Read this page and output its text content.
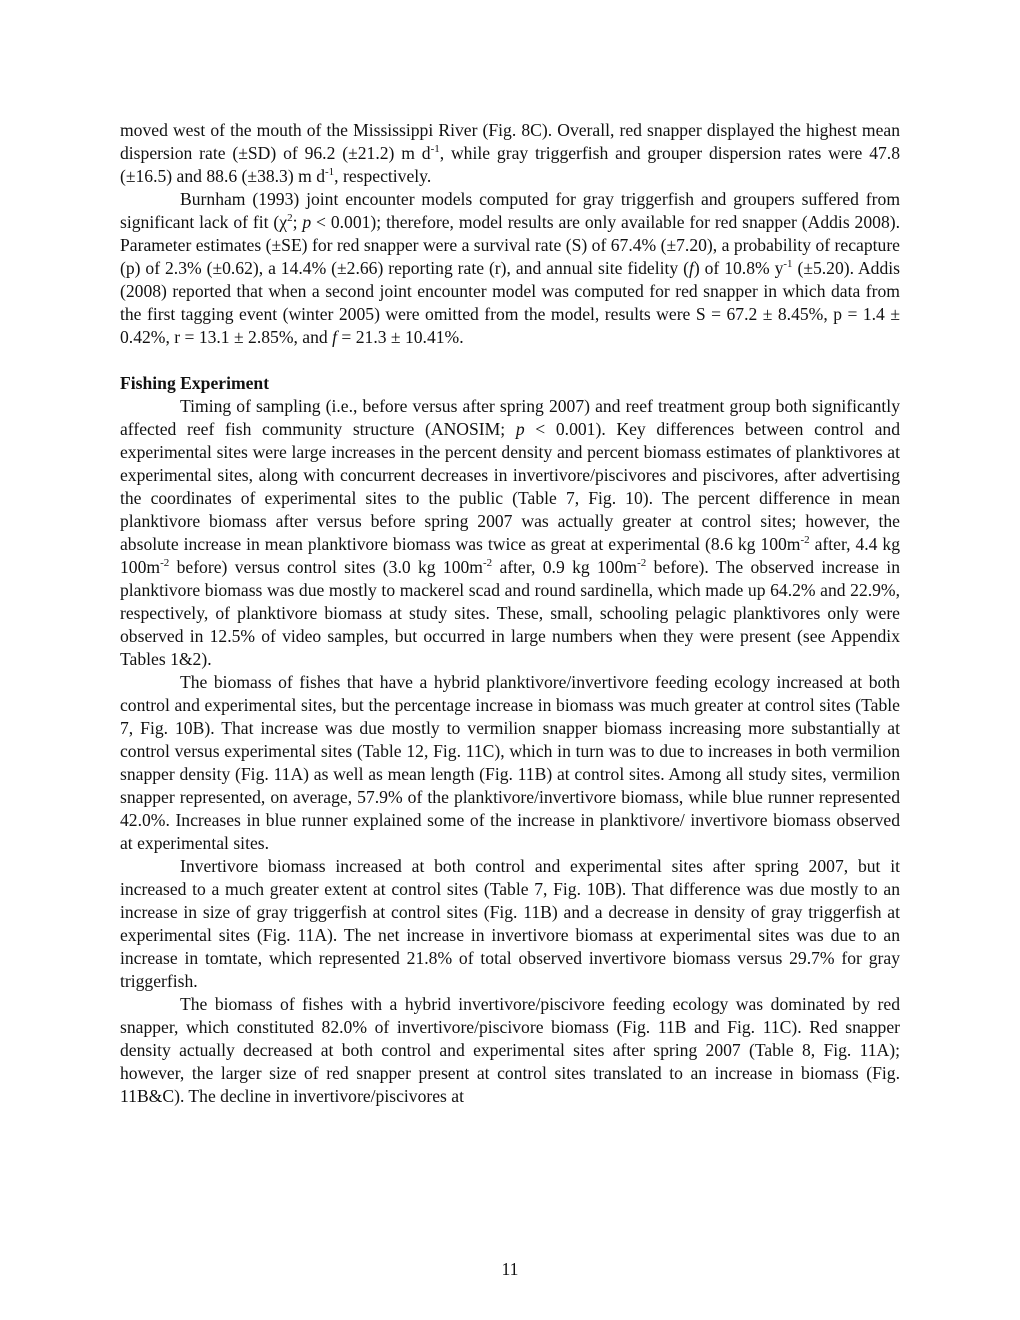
moved west of the mouth of the Mississippi River (Fig. 8C). Overall, red snapper displayed the highest mean dispersion rate (±SD) of 96.2 (±21.2) m $d^{-1}$, while gray triggerfish and grouper dispersion rates were 47.8 (±16.5) and 88.6 (±38.3) m $d^{-1}$, respectively.

Burnham (1993) joint encounter models computed for gray triggerfish and groupers suffered from significant lack of fit ($\chi^2$; p < 0.001); therefore, model results are only available for red snapper (Addis 2008). Parameter estimates (±SE) for red snapper were a survival rate (S) of 67.4% (±7.20), a probability of recapture (p) of 2.3% (±0.62), a 14.4% (±2.66) reporting rate (r), and annual site fidelity (f) of 10.8% $y^{-1}$ (±5.20). Addis (2008) reported that when a second joint encounter model was computed for red snapper in which data from the first tagging event (winter 2005) were omitted from the model, results were S = 67.2 ± 8.45%, p = 1.4 ± 0.42%, r = 13.1 ± 2.85%, and f = 21.3 ± 10.41%.

Fishing Experiment

Timing of sampling (i.e., before versus after spring 2007) and reef treatment group both significantly affected reef fish community structure (ANOSIM; p < 0.001). Key differences between control and experimental sites were large increases in the percent density and percent biomass estimates of planktivores at experimental sites, along with concurrent decreases in invertivore/piscivores and piscivores, after advertising the coordinates of experimental sites to the public (Table 7, Fig. 10). The percent difference in mean planktivore biomass after versus before spring 2007 was actually greater at control sites; however, the absolute increase in mean planktivore biomass was twice as great at experimental (8.6 kg $100m^{-2}$ after, 4.4 kg $100m^{-2}$ before) versus control sites (3.0 kg $100m^{-2}$ after, 0.9 kg $100m^{-2}$ before). The observed increase in planktivore biomass was due mostly to mackerel scad and round sardinella, which made up 64.2% and 22.9%, respectively, of planktivore biomass at study sites. These, small, schooling pelagic planktivores only were observed in 12.5% of video samples, but occurred in large numbers when they were present (see Appendix Tables 1&2).

The biomass of fishes that have a hybrid planktivore/invertivore feeding ecology increased at both control and experimental sites, but the percentage increase in biomass was much greater at control sites (Table 7, Fig. 10B). That increase was due mostly to vermilion snapper biomass increasing more substantially at control versus experimental sites (Table 12, Fig. 11C), which in turn was to due to increases in both vermilion snapper density (Fig. 11A) as well as mean length (Fig. 11B) at control sites. Among all study sites, vermilion snapper represented, on average, 57.9% of the planktivore/invertivore biomass, while blue runner represented 42.0%. Increases in blue runner explained some of the increase in planktivore/ invertivore biomass observed at experimental sites.

Invertivore biomass increased at both control and experimental sites after spring 2007, but it increased to a much greater extent at control sites (Table 7, Fig. 10B). That difference was due mostly to an increase in size of gray triggerfish at control sites (Fig. 11B) and a decrease in density of gray triggerfish at experimental sites (Fig. 11A). The net increase in invertivore biomass at experimental sites was due to an increase in tomtate, which represented 21.8% of total observed invertivore biomass versus 29.7% for gray triggerfish.

The biomass of fishes with a hybrid invertivore/piscivore feeding ecology was dominated by red snapper, which constituted 82.0% of invertivore/piscivore biomass (Fig. 11B and Fig. 11C). Red snapper density actually decreased at both control and experimental sites after spring 2007 (Table 8, Fig. 11A); however, the larger size of red snapper present at control sites translated to an increase in biomass (Fig. 11B&C). The decline in invertivore/piscivores at

11
